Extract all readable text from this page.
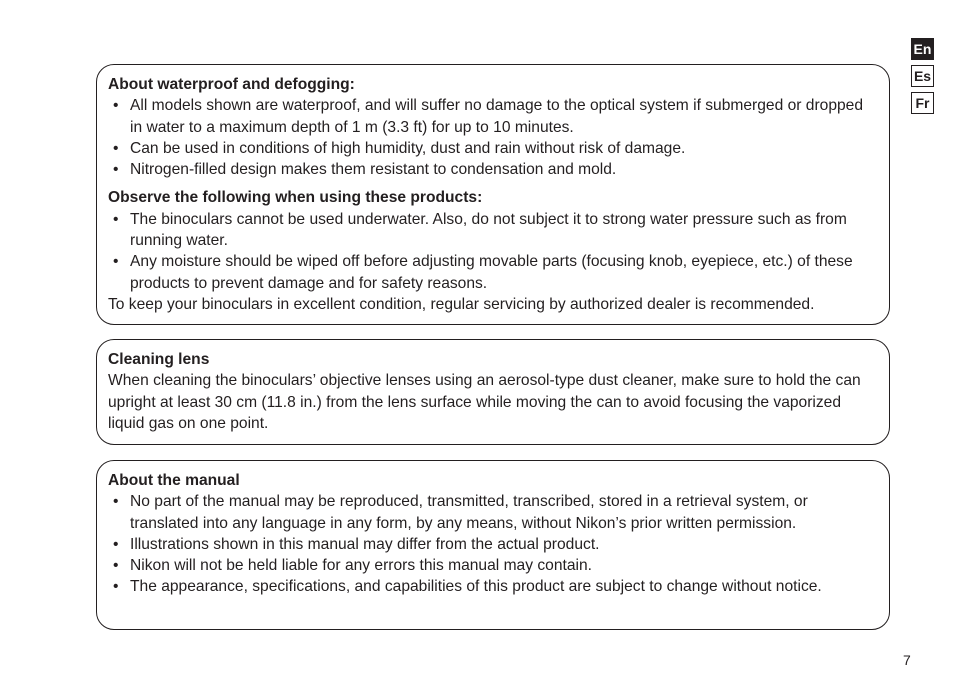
En
Es
Fr

About waterproof and defogging:

• All models shown are waterproof, and will suffer no damage to the optical system if submerged or dropped in water to a maximum depth of 1 m (3.3 ft) for up to 10 minutes.
• Can be used in conditions of high humidity, dust and rain without risk of damage.
• Nitrogen-filled design makes them resistant to condensation and mold.

Observe the following when using these products:

• The binoculars cannot be used underwater. Also, do not subject it to strong water pressure such as from running water.
• Any moisture should be wiped off before adjusting movable parts (focusing knob, eyepiece, etc.) of these products to prevent damage and for safety reasons.

To keep your binoculars in excellent condition, regular servicing by authorized dealer is recommended.

Cleaning lens

When cleaning the binoculars’ objective lenses using an aerosol-type dust cleaner, make sure to hold the can upright at least 30 cm (11.8 in.) from the lens surface while moving the can to avoid focusing the vaporized liquid gas on one point.

About the manual

• No part of the manual may be reproduced, transmitted, transcribed, stored in a retrieval system, or translated into any language in any form, by any means, without Nikon’s prior written permission.
• Illustrations shown in this manual may differ from the actual product.
• Nikon will not be held liable for any errors this manual may contain.
• The appearance, specifications, and capabilities of this product are subject to change without notice.
7
